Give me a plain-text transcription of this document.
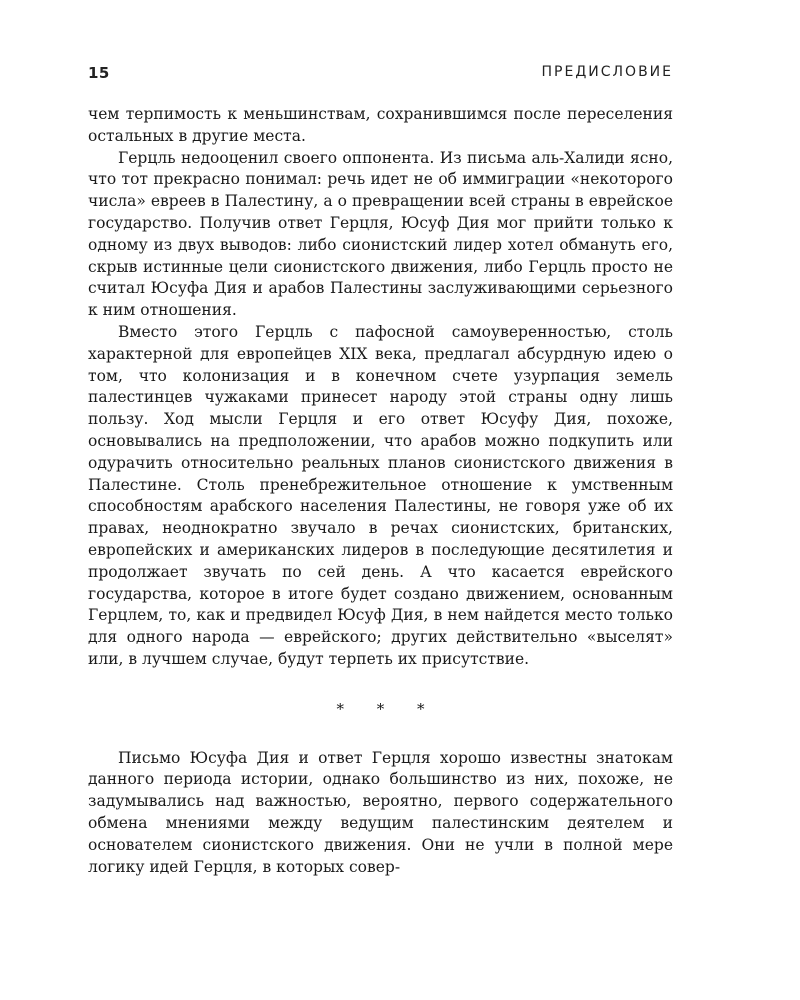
15	ПРЕДИСЛОВИЕ

чем терпимость к меньшинствам, сохранившимся после переселения остальных в другие места.

Герцль недооценил своего оппонента. Из письма аль-Халиди ясно, что тот прекрасно понимал: речь идет не об иммиграции «некоторого числа» евреев в Палестину, а о превращении всей страны в еврейское государство. Получив ответ Герцля, Юсуф Дия мог прийти только к одному из двух выводов: либо сионистский лидер хотел обмануть его, скрыв истинные цели сионистского движения, либо Герцль просто не считал Юсуфа Дия и арабов Палестины заслуживающими серьезного к ним отношения.

Вместо этого Герцль с пафосной самоуверенностью, столь характерной для европейцев XIX века, предлагал абсурдную идею о том, что колонизация и в конечном счете узурпация земель палестинцев чужаками принесет народу этой страны одну лишь пользу. Ход мысли Герцля и его ответ Юсуфу Дия, похоже, основывались на предположении, что арабов можно подкупить или одурачить относительно реальных планов сионистского движения в Палестине. Столь пренебрежительное отношение к умственным способностям арабского населения Палестины, не говоря уже об их правах, неоднократно звучало в речах сионистских, британских, европейских и американских лидеров в последующие десятилетия и продолжает звучать по сей день. А что касается еврейского государства, которое в итоге будет создано движением, основанным Герцлем, то, как и предвидел Юсуф Дия, в нем найдется место только для одного народа — еврейского; других действительно «выселят» или, в лучшем случае, будут терпеть их присутствие.

* * *

Письмо Юсуфа Дия и ответ Герцля хорошо известны знатокам данного периода истории, однако большинство из них, похоже, не задумывались над важностью, вероятно, первого содержательного обмена мнениями между ведущим палестинским деятелем и основателем сионистского движения. Они не учли в полной мере логику идей Герцля, в которых совер-
